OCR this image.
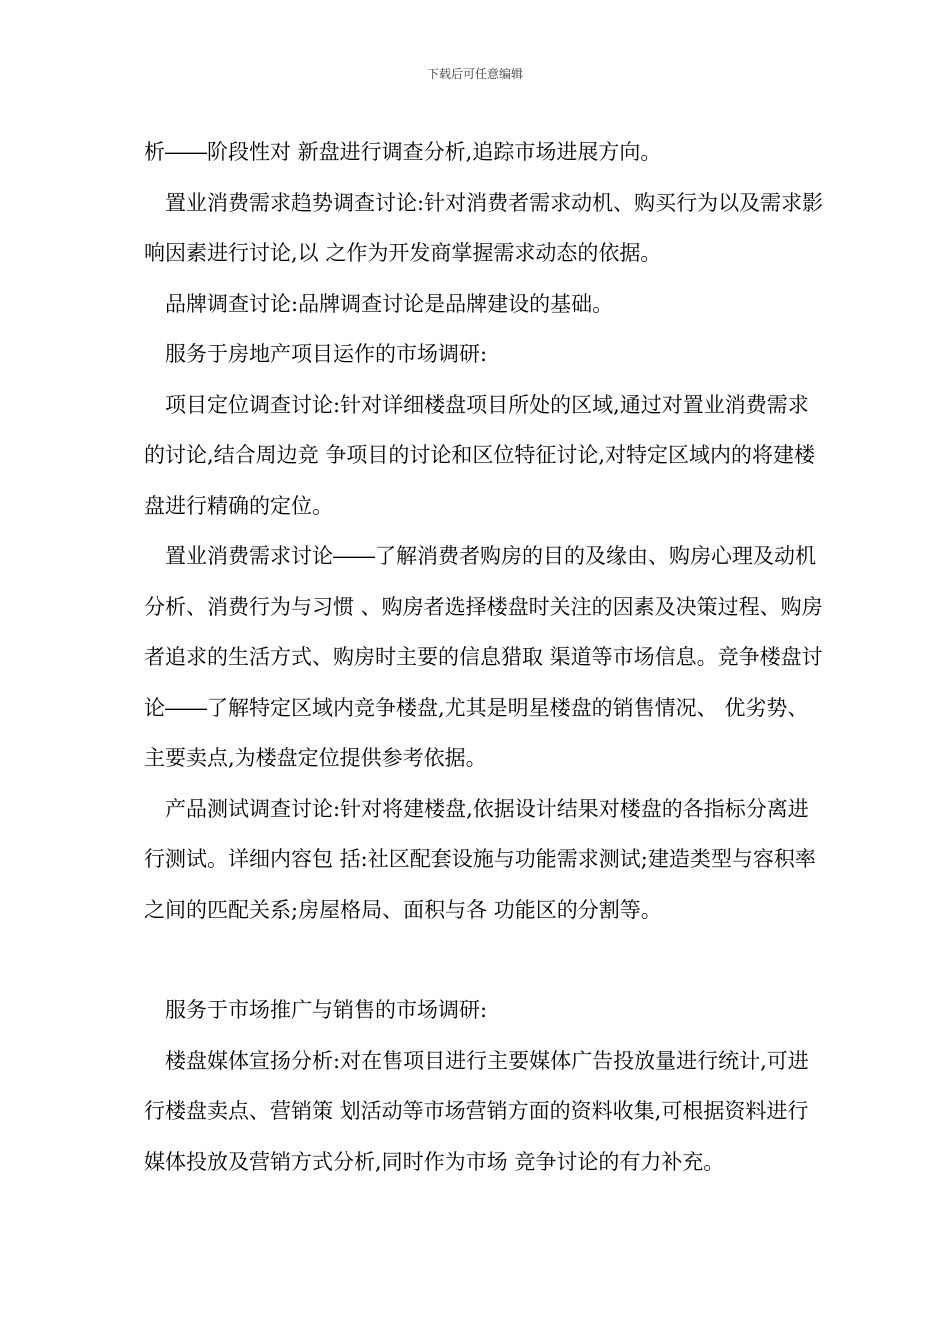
下载后可任意编辑

析――阶段性对 新盘进行调查分析,追踪市场进展方向。

　置业消费需求趋势调查讨论:针对消费者需求动机、购买行为以及需求影响因素进行讨论,以 之作为开发商掌握需求动态的依据。

　品牌调查讨论:品牌调查讨论是品牌建设的基础。

　服务于房地产项目运作的市场调研:

　项目定位调查讨论:针对详细楼盘项目所处的区域,通过对置业消费需求的讨论,结合周边竞 争项目的讨论和区位特征讨论,对特定区域内的将建楼盘进行精确的定位。

　置业消费需求讨论――了解消费者购房的目的及缘由、购房心理及动机分析、消费行为与习惯 、购房者选择楼盘时关注的因素及决策过程、购房者追求的生活方式、购房时主要的信息猎取 渠道等市场信息。竞争楼盘讨论――了解特定区域内竞争楼盘,尤其是明星楼盘的销售情况、 优劣势、主要卖点,为楼盘定位提供参考依据。

　产品测试调查讨论:针对将建楼盘,依据设计结果对楼盘的各指标分离进行测试。详细内容包 括:社区配套设施与功能需求测试;建造类型与容积率之间的匹配关系;房屋格局、面积与各 功能区的分割等。

　服务于市场推广与销售的市场调研:

　楼盘媒体宣扬分析:对在售项目进行主要媒体广告投放量进行统计,可进行楼盘卖点、营销策 划活动等市场营销方面的资料收集,可根据资料进行媒体投放及营销方式分析,同时作为市场 竞争讨论的有力补充。
